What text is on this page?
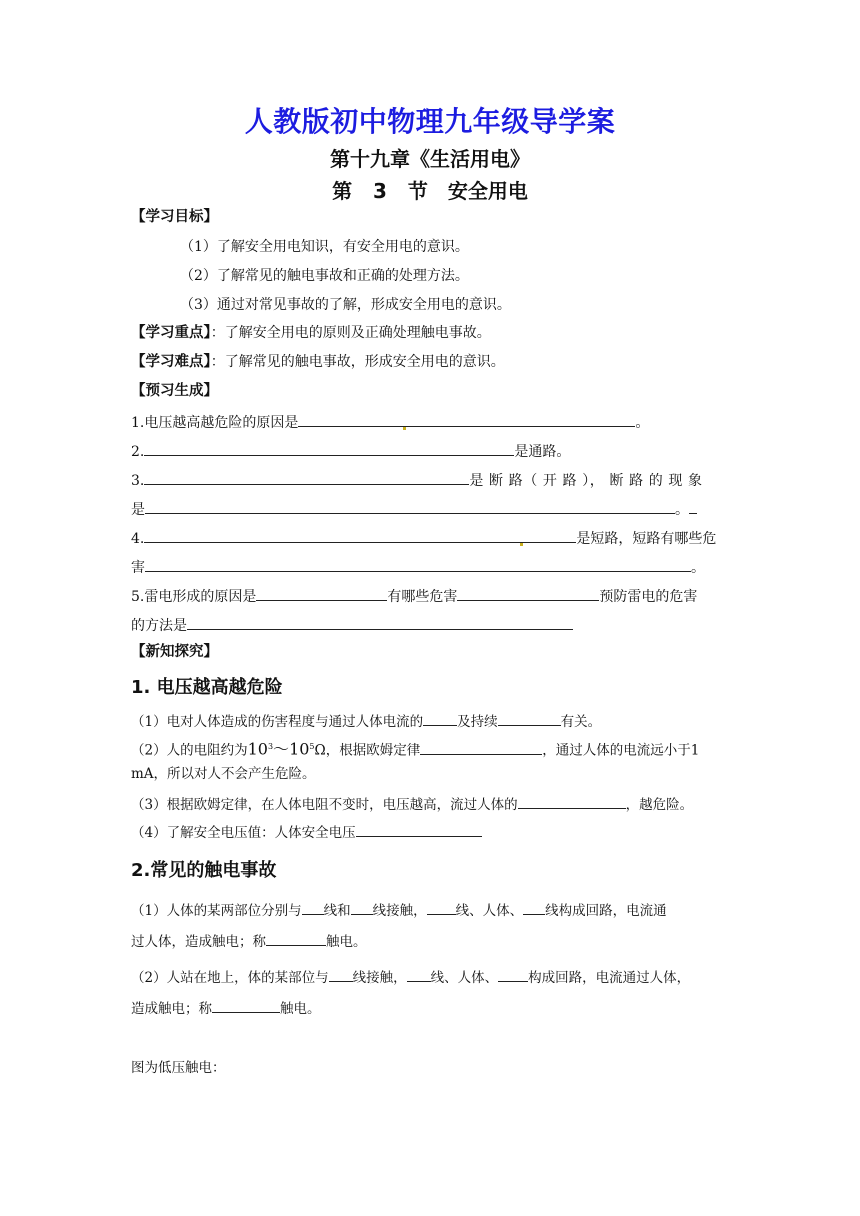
人教版初中物理九年级导学案
第十九章《生活用电》
第 3 节　安全用电
【学习目标】
（1）了解安全用电知识，有安全用电的意识。
（2）了解常见的触电事故和正确的处理方法。
（3）通过对常见事故的了解，形成安全用电的意识。
【学习重点】：了解安全用电的原则及正确处理触电事故。
【学习难点】：了解常见的触电事故，形成安全用电的意识。
【预习生成】
1.电压越高越危险的原因是	。
2.	是通路。
3.	是 断 路（ 开 路 ）， 断 路 的 现 象
是	。
4.	是短路，短路有哪些危
害	。
5.雷电形成的原因是	有哪些危害	预防雷电的危害
的方法是
【新知探究】
1. 电压越高越危险
（1）电对人体造成的伤害程度与通过人体电流的	及持续	有关。
（2）人的电阻约为$10^3\sim 10^5\Omega$，根据欧姆定律	，通过人体的电流远小于1
mA，所以对人不会产生危险。
（3）根据欧姆定律，在人体电阻不变时，电压越高，流过人体的	，越危险。
（4）了解安全电压值：人体安全电压
2.常见的触电事故
（1）人体的某两部位分别与 线和 线接触， 线、人体、 线构成回路，电流通
过人体，造成触电；称	触电。
（2）人站在地上，体的某部位与 线接触， 线、人体、 构成回路，电流通过人体，
造成触电；称	触电。
图为低压触电：
